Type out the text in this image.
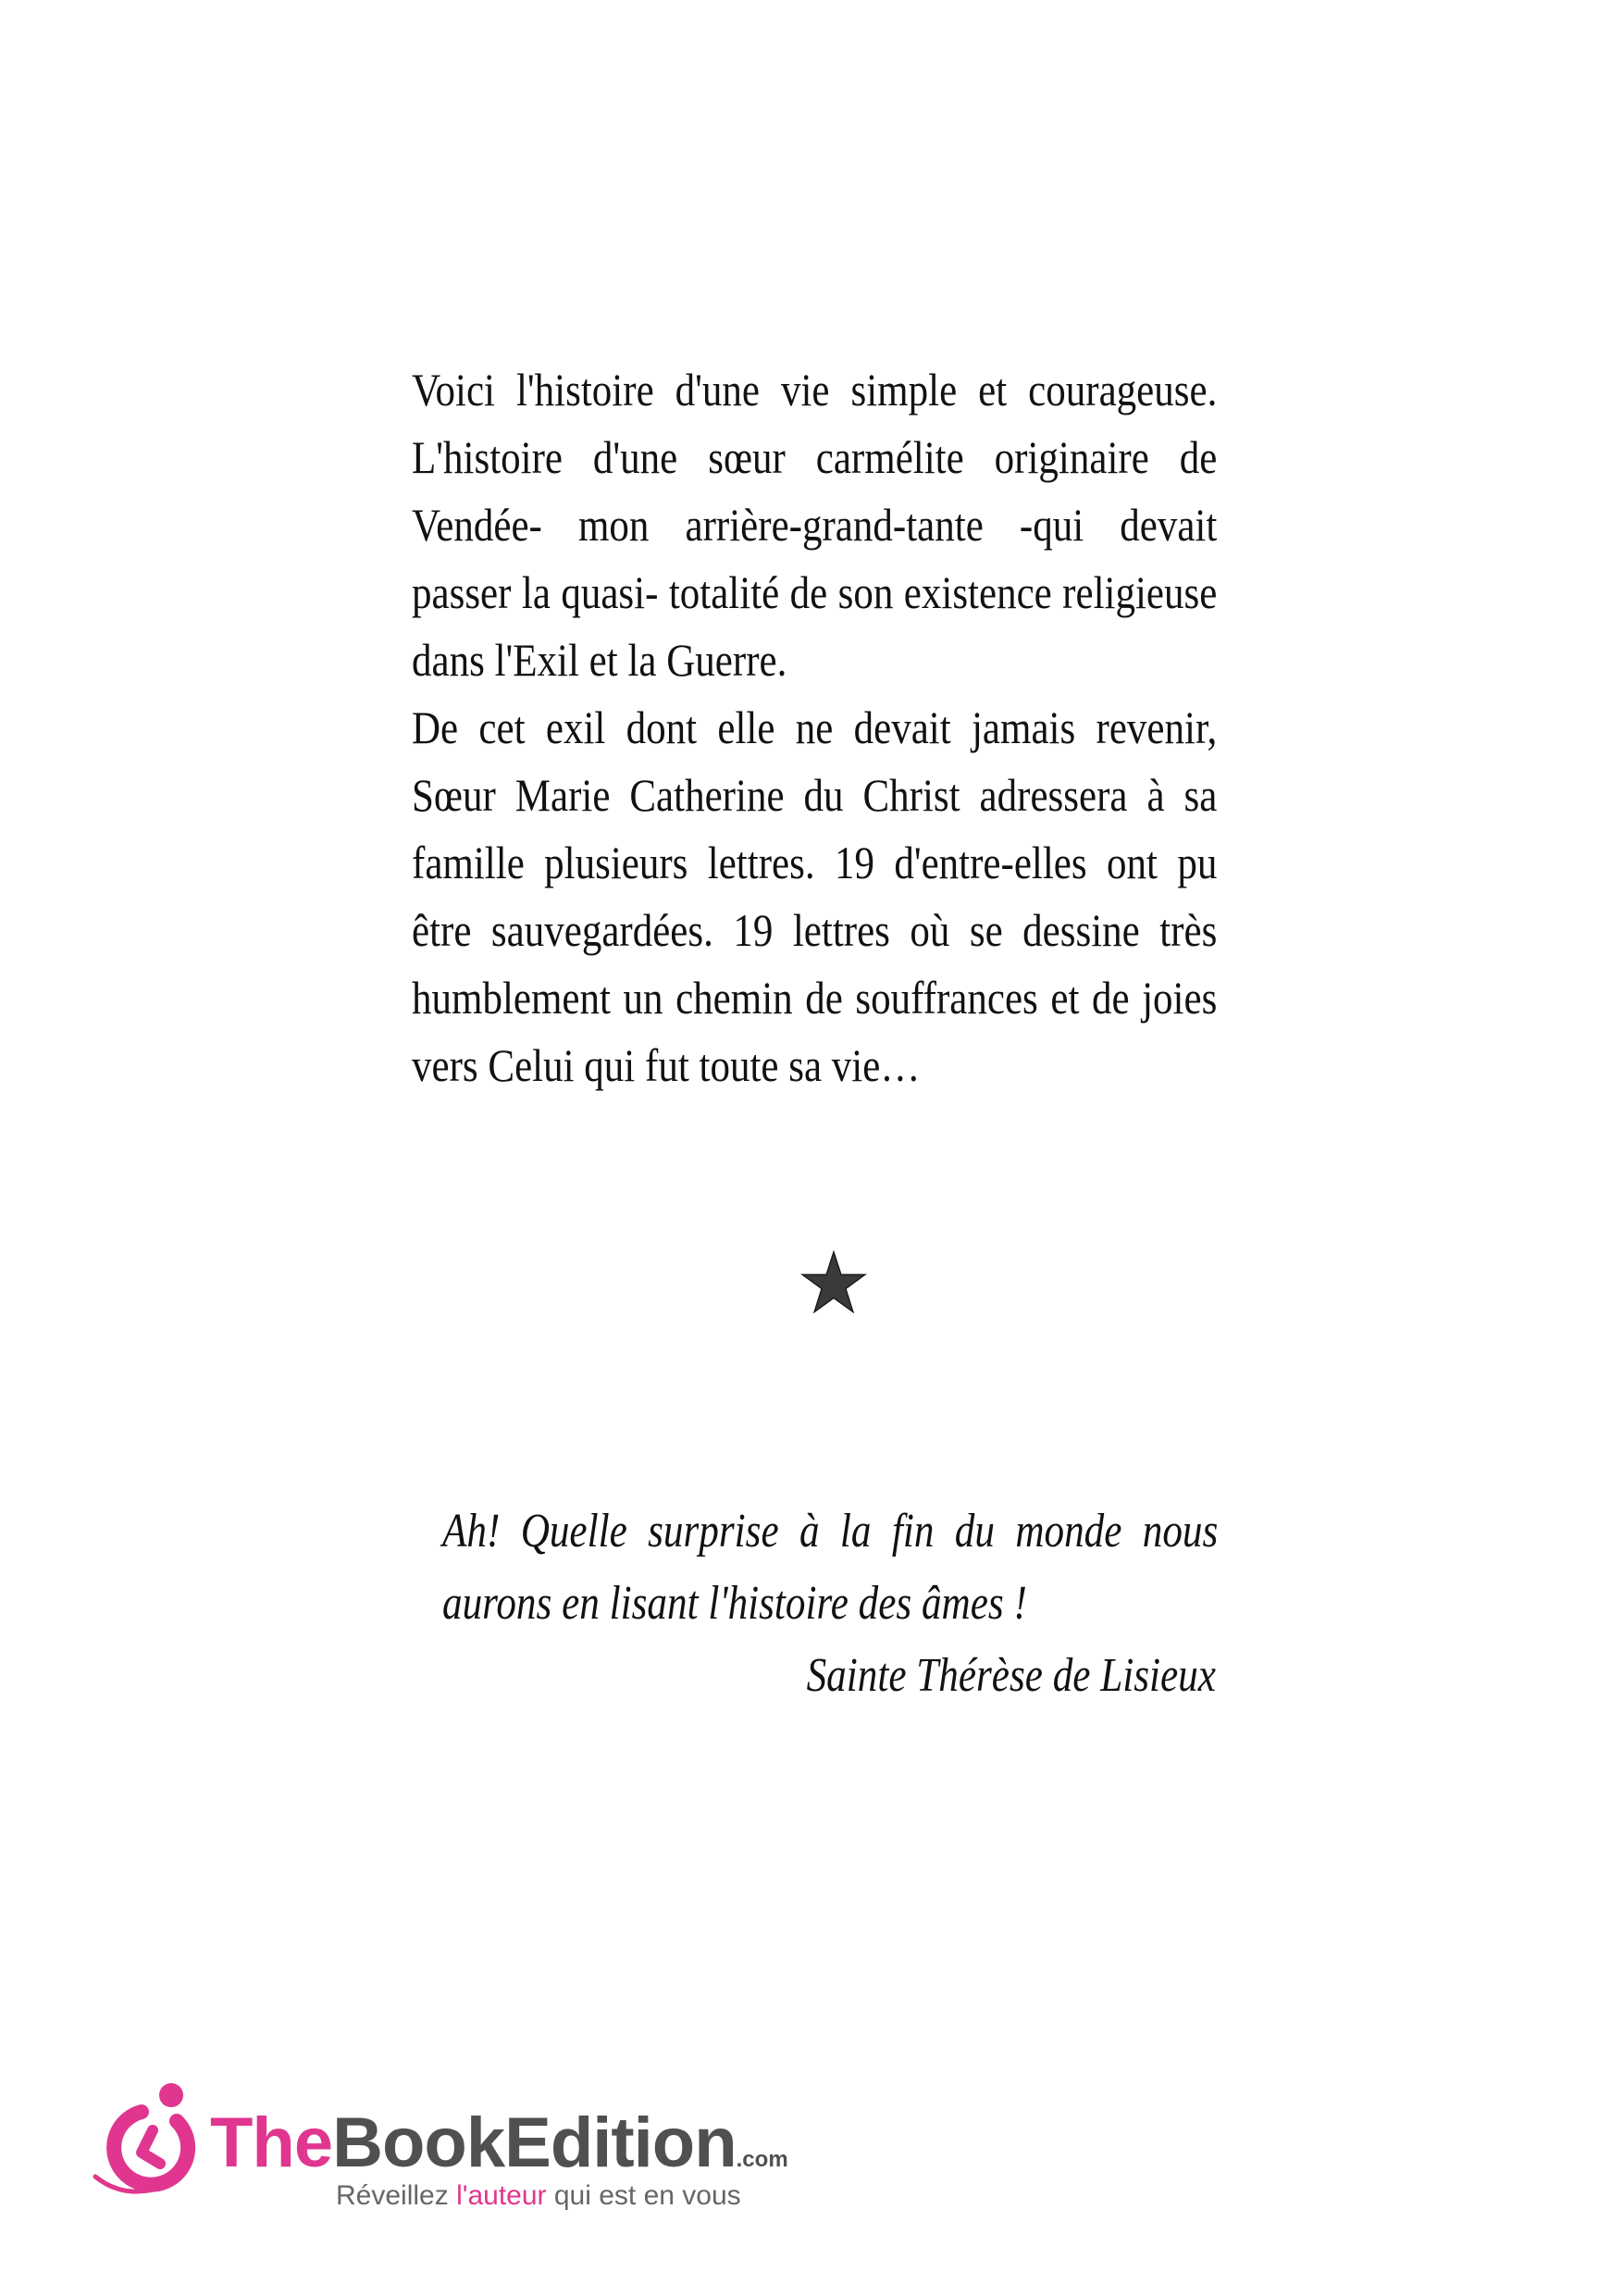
Voici l'histoire d'une vie simple et courageuse. L'histoire d'une sœur carmélite originaire de Vendée- mon arrière-grand-tante -qui devait passer la quasi- totalité de son existence religieuse dans l'Exil et la Guerre.

De cet exil dont elle ne devait jamais revenir, Sœur Marie Catherine du Christ adressera à sa famille plusieurs lettres. 19 d'entre-elles ont pu être sauvegardées. 19 lettres où se dessine très humblement un chemin de souffrances et de joies vers Celui qui fut toute sa vie…

Ah! Quelle surprise à la fin du monde nous aurons en lisant l'histoire des âmes !
Sainte Thérèse de Lisieux
TheBookEdition.com
Réveillez l'auteur qui est en vous
